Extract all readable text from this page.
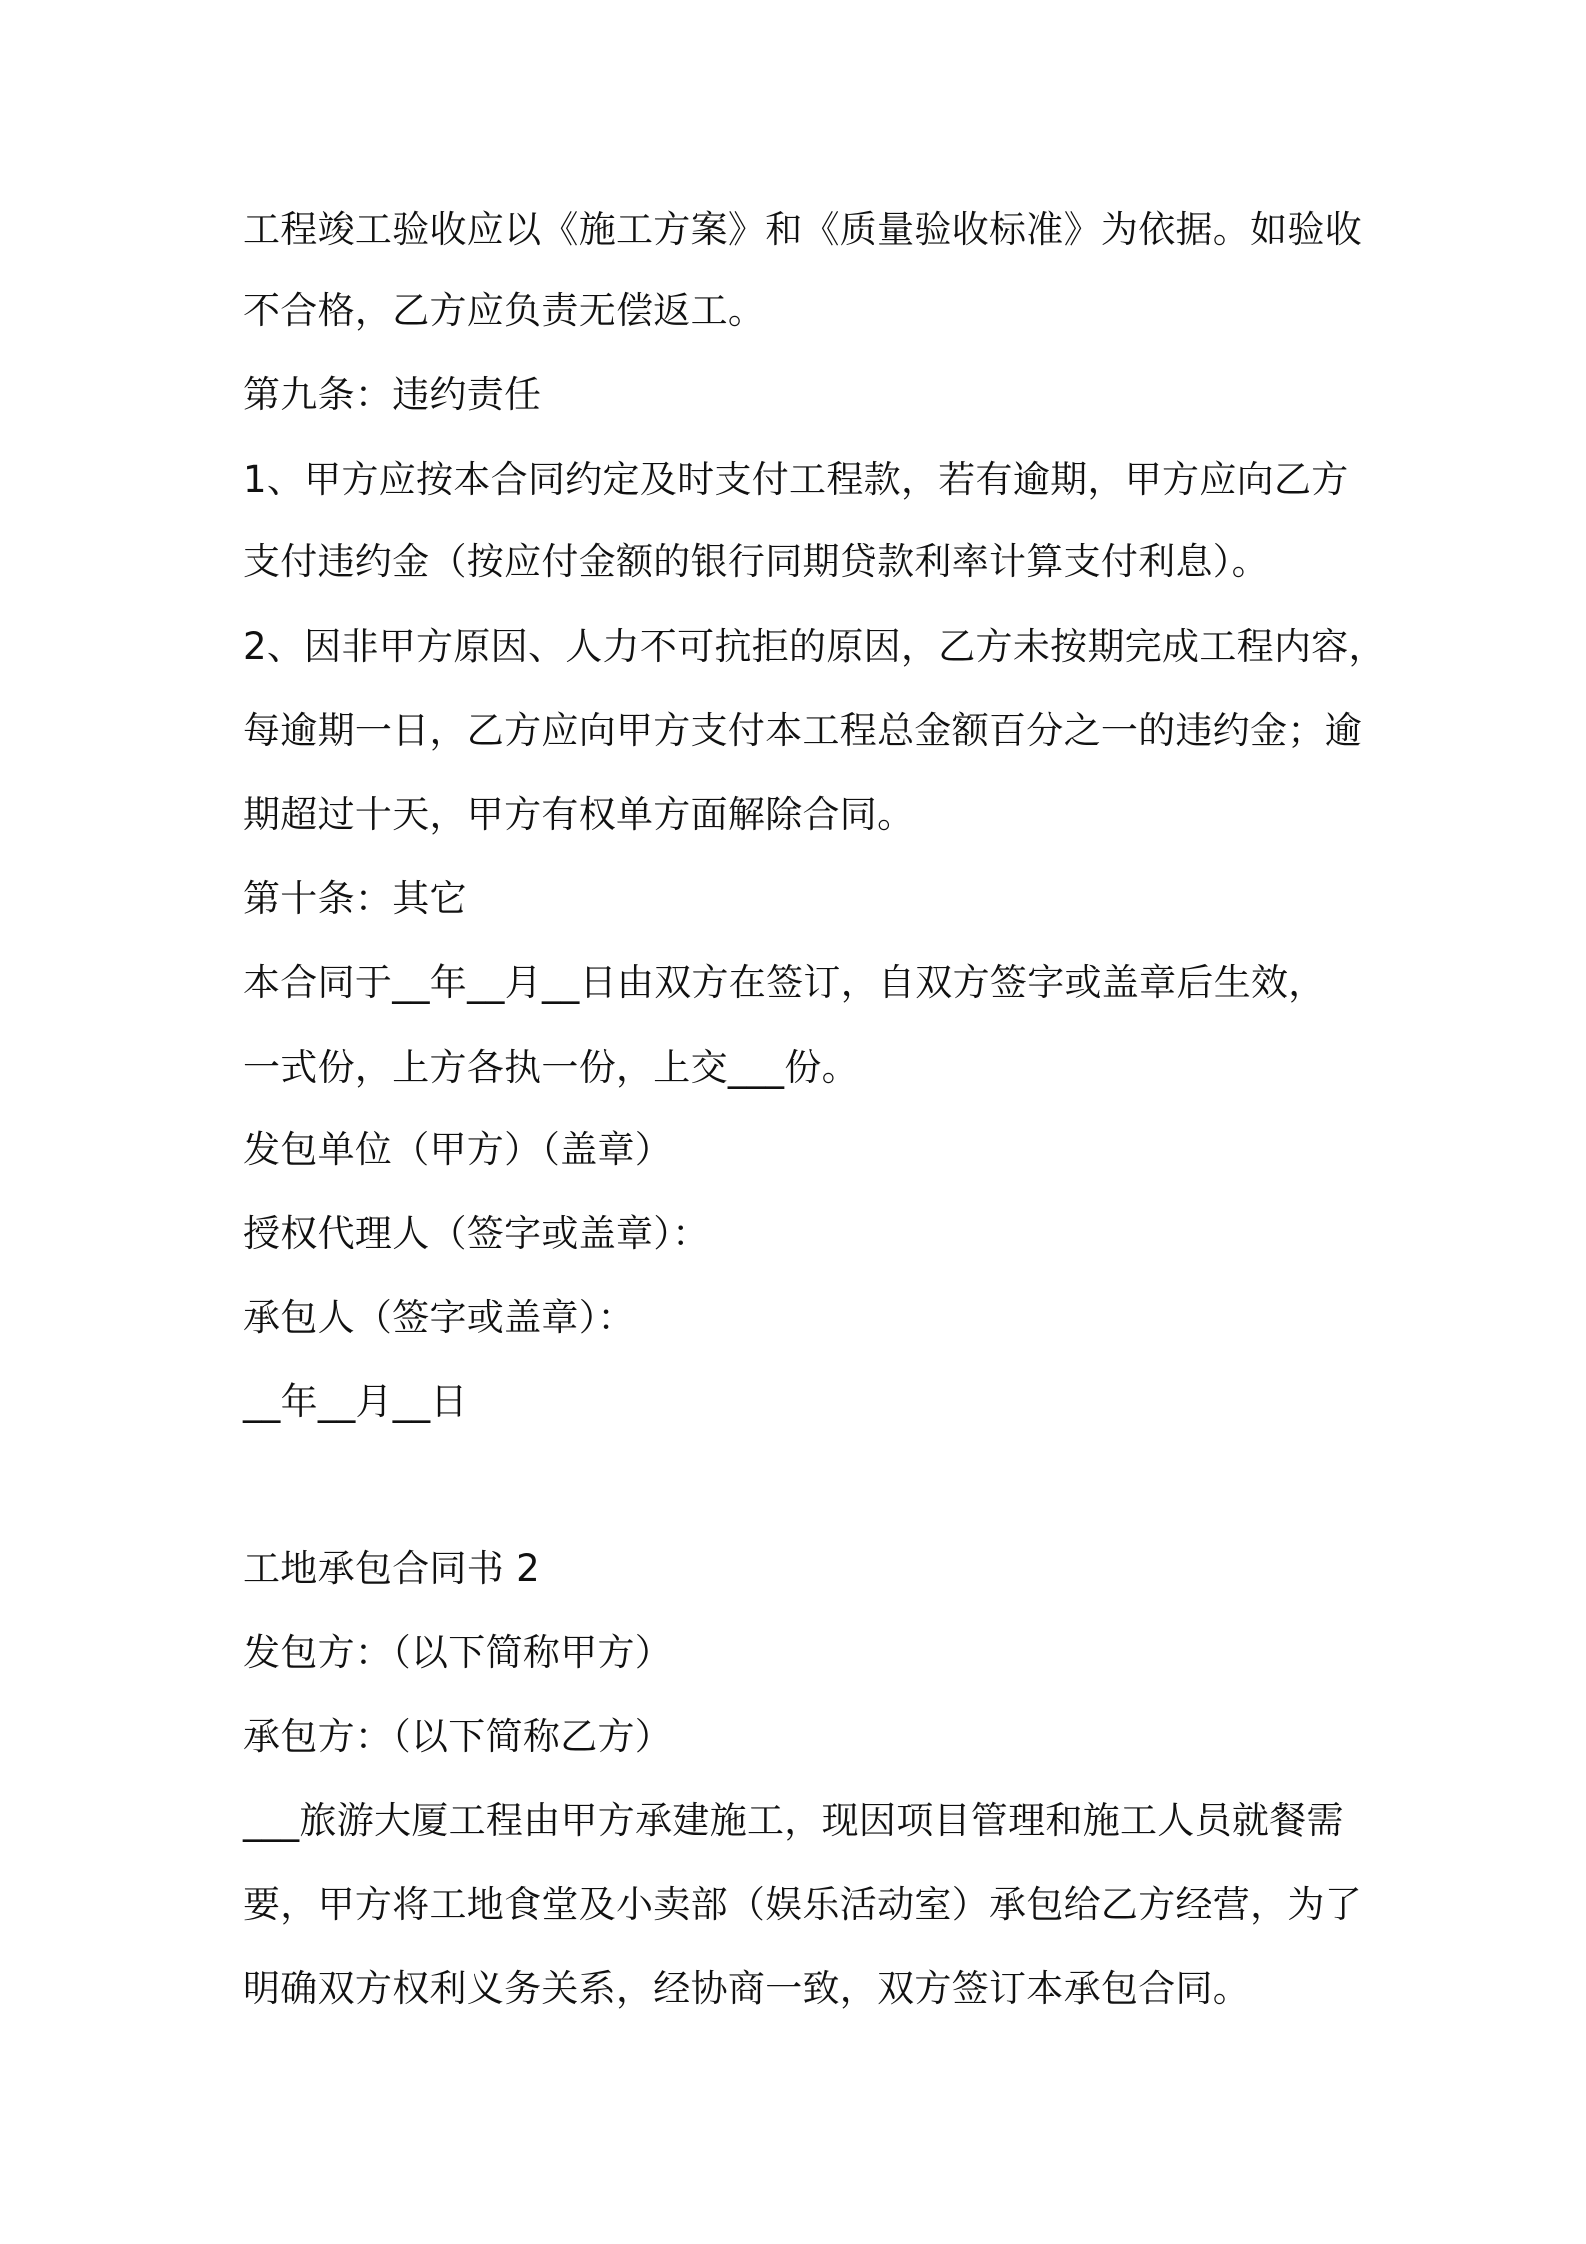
工程竣工验收应以《施工方案》和《质量验收标准》为依据。如验收

不合格，乙方应负责无偿返工。

第九条：违约责任

1、甲方应按本合同约定及时支付工程款，若有逾期，甲方应向乙方

支付违约金（按应付金额的银行同期贷款利率计算支付利息）。

2、因非甲方原因、人力不可抗拒的原因，乙方未按期完成工程内容，

每逾期一日，乙方应向甲方支付本工程总金额百分之一的违约金；逾

期超过十天，甲方有权单方面解除合同。

第十条：其它

本合同于__年__月__日由双方在签订，自双方签字或盖章后生效，

一式份，上方各执一份，上交___份。

发包单位（甲方）（盖章）

授权代理人（签字或盖章）：

承包人（签字或盖章）：

__年__月__日

工地承包合同书 2

发包方：（以下简称甲方）

承包方：（以下简称乙方）

___旅游大厦工程由甲方承建施工，现因项目管理和施工人员就餐需

要，甲方将工地食堂及小卖部（娱乐活动室）承包给乙方经营，为了

明确双方权利义务关系，经协商一致，双方签订本承包合同。
